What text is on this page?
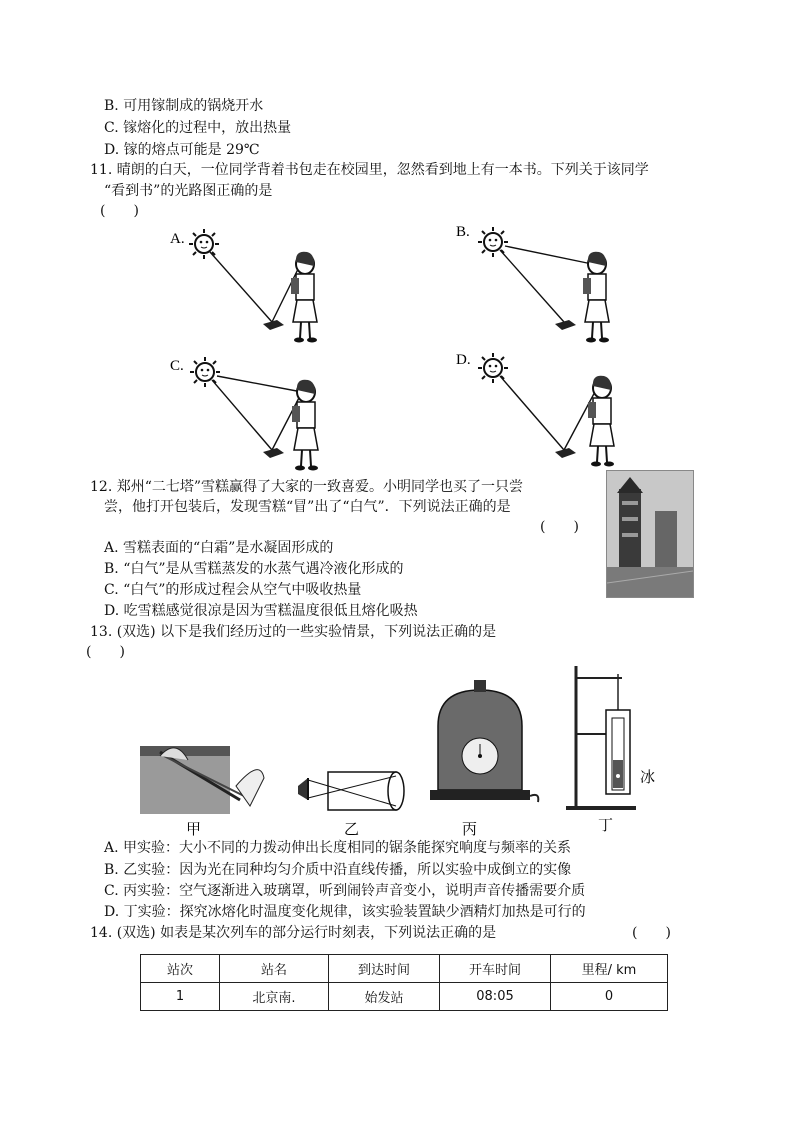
B. 可用镓制成的锅烧开水
C. 镓熔化的过程中，放出热量
D. 镓的熔点可能是 29℃
11. 晴朗的白天，一位同学背着书包走在校园里，忽然看到地上有一本书。下列关于该同学
“看到书”的光路图正确的是
(　　)
A.	B.
C.	D.
12. 郑州“二七塔”雪糕赢得了大家的一致喜爱。小明同学也买了一只尝
尝，他打开包装后，发现雪糕“冒”出了“白气”．下列说法正确的是
(　　)
A. 雪糕表面的“白霜”是水凝固形成的
B. “白气”是从雪糕蒸发的水蒸气遇冷液化形成的
C. “白气”的形成过程会从空气中吸收热量
D. 吃雪糕感觉很凉是因为雪糕温度很低且熔化吸热
13. (双选) 以下是我们经历过的一些实验情景，下列说法正确的是
(　　)
甲	乙	丙
冰
丁
A. 甲实验：大小不同的力拨动伸出长度相同的锯条能探究响度与频率的关系
B. 乙实验：因为光在同种均匀介质中沿直线传播，所以实验中成倒立的实像
C. 丙实验：空气逐渐进入玻璃罩，听到闹铃声音变小，说明声音传播需要介质
D. 丁实验：探究冰熔化时温度变化规律，该实验装置缺少酒精灯加热是可行的
14. (双选) 如表是某次列车的部分运行时刻表，下列说法正确的是	(　　)
站次	站名	到达时间	开车时间	里程/ km
1	北京南.	始发站	08:05	0
